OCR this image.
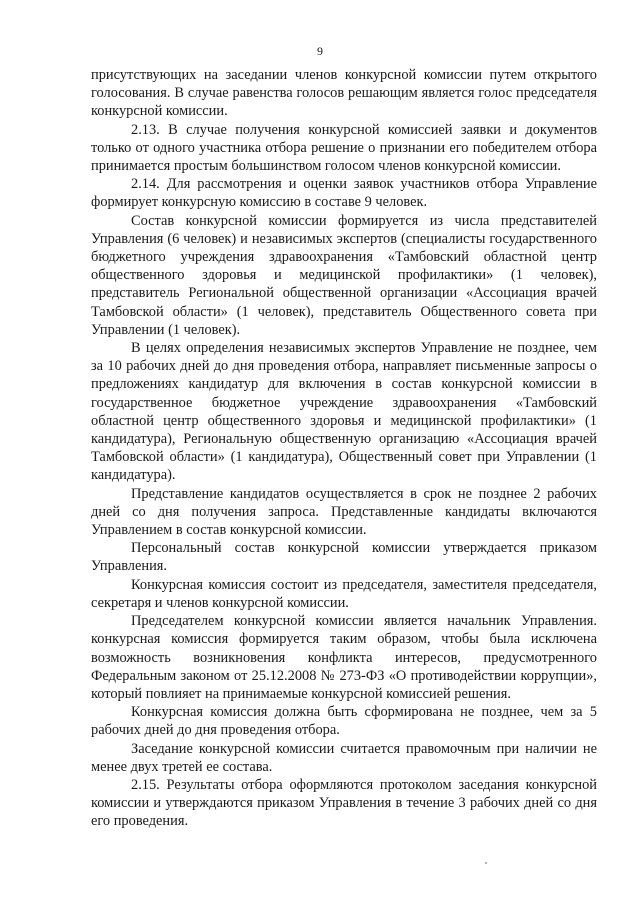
9

присутствующих на заседании членов конкурсной комиссии путем открытого голосования. В случае равенства голосов решающим является голос председателя конкурсной комиссии.

2.13. В случае получения конкурсной комиссией заявки и документов только от одного участника отбора решение о признании его победителем отбора принимается простым большинством голосом членов конкурсной комиссии.

2.14. Для рассмотрения и оценки заявок участников отбора Управление формирует конкурсную комиссию в составе 9 человек.

Состав конкурсной комиссии формируется из числа представителей Управления (6 человек) и независимых экспертов (специалисты государственного бюджетного учреждения здравоохранения «Тамбовский областной центр общественного здоровья и медицинской профилактики» (1 человек), представитель Региональной общественной организации «Ассоциация врачей Тамбовской области» (1 человек), представитель Общественного совета при Управлении (1 человек).

В целях определения независимых экспертов Управление не позднее, чем за 10 рабочих дней до дня проведения отбора, направляет письменные запросы о предложениях кандидатур для включения в состав конкурсной комиссии в государственное бюджетное учреждение здравоохранения «Тамбовский областной центр общественного здоровья и медицинской профилактики» (1 кандидатура), Региональную общественную организацию «Ассоциация врачей Тамбовской области» (1 кандидатура), Общественный совет при Управлении (1 кандидатура).

Представление кандидатов осуществляется в срок не позднее 2 рабочих дней со дня получения запроса. Представленные кандидаты включаются Управлением в состав конкурсной комиссии.

Персональный состав конкурсной комиссии утверждается приказом Управления.

Конкурсная комиссия состоит из председателя, заместителя председателя, секретаря и членов конкурсной комиссии.

Председателем конкурсной комиссии является начальник Управления. конкурсная комиссия формируется таким образом, чтобы была исключена возможность возникновения конфликта интересов, предусмотренного Федеральным законом от 25.12.2008 № 273-ФЗ «О противодействии коррупции», который повлияет на принимаемые конкурсной комиссией решения.

Конкурсная комиссия должна быть сформирована не позднее, чем за 5 рабочих дней до дня проведения отбора.

Заседание конкурсной комиссии считается правомочным при наличии не менее двух третей ее состава.

2.15. Результаты отбора оформляются протоколом заседания конкурсной комиссии и утверждаются приказом Управления в течение 3 рабочих дней со дня его проведения.
